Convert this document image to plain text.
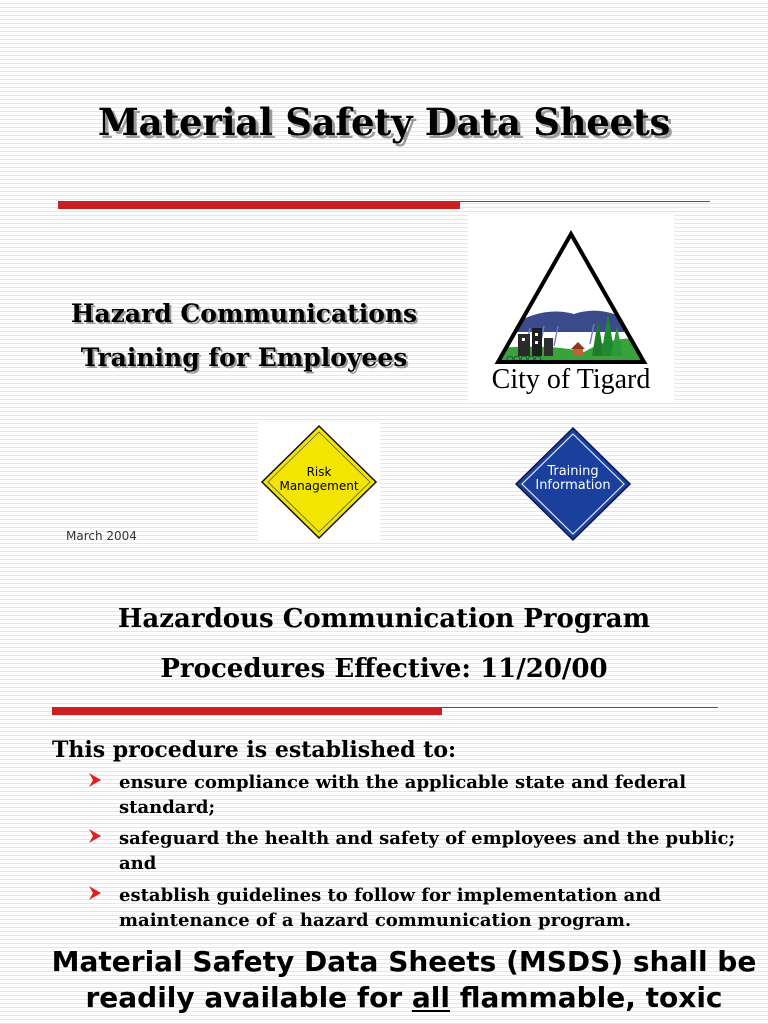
Material Safety Data Sheets
Hazard Communications
Training for Employees
City of Tigard
Risk
Management
Training
Information
March 2004
Hazardous Communication Program
Procedures Effective: 11/20/00
This procedure is established to:
ensure compliance with the applicable state and federal standard;
safeguard the health and safety of employees and the public; and
establish guidelines to follow for implementation and maintenance of a hazard communication program.
Material Safety Data Sheets (MSDS) shall be readily available for all flammable, toxic
